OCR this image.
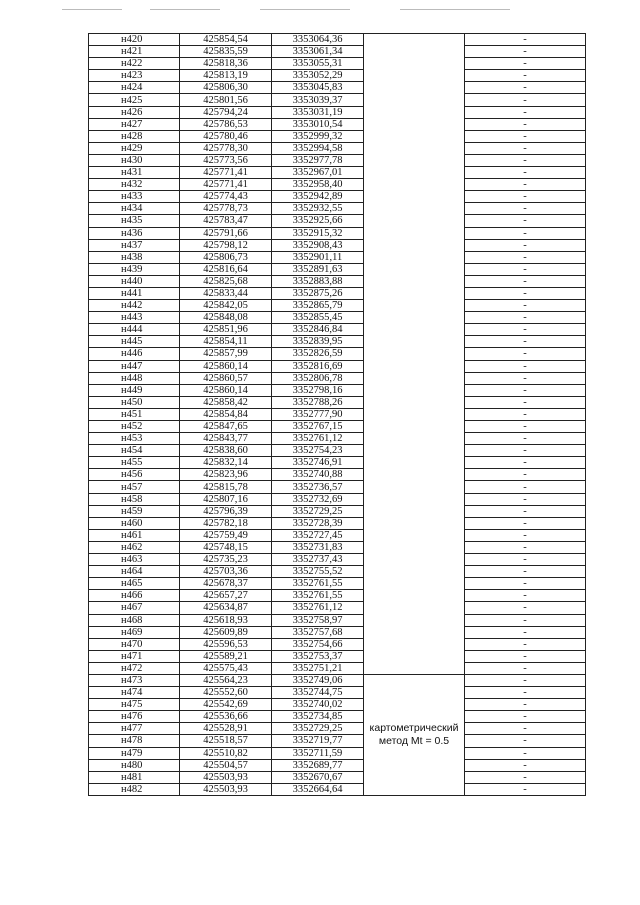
н420	425854,54	3353064,36		-
н421	425835,59	3353061,34		-
н422	425818,36	3353055,31		-
н423	425813,19	3353052,29		-
н424	425806,30	3353045,83		-
н425	425801,56	3353039,37		-
н426	425794,24	3353031,19		-
н427	425786,53	3353010,54		-
н428	425780,46	3352999,32		-
н429	425778,30	3352994,58		-
н430	425773,56	3352977,78		-
н431	425771,41	3352967,01		-
н432	425771,41	3352958,40		-
н433	425774,43	3352942,89		-
н434	425778,73	3352932,55		-
н435	425783,47	3352925,66		-
н436	425791,66	3352915,32		-
н437	425798,12	3352908,43		-
н438	425806,73	3352901,11		-
н439	425816,64	3352891,63		-
н440	425825,68	3352883,88		-
н441	425833,44	3352875,26		-
н442	425842,05	3352865,79		-
н443	425848,08	3352855,45		-
н444	425851,96	3352846,84		-
н445	425854,11	3352839,95		-
н446	425857,99	3352826,59		-
н447	425860,14	3352816,69		-
н448	425860,57	3352806,78		-
н449	425860,14	3352798,16		-
н450	425858,42	3352788,26		-
н451	425854,84	3352777,90		-
н452	425847,65	3352767,15		-
н453	425843,77	3352761,12		-
н454	425838,60	3352754,23		-
н455	425832,14	3352746,91		-
н456	425823,96	3352740,88		-
н457	425815,78	3352736,57		-
н458	425807,16	3352732,69		-
н459	425796,39	3352729,25		-
н460	425782,18	3352728,39		-
н461	425759,49	3352727,45		-
н462	425748,15	3352731,83		-
н463	425735,23	3352737,43		-
н464	425703,36	3352755,52		-
н465	425678,37	3352761,55		-
н466	425657,27	3352761,55		-
н467	425634,87	3352761,12		-
н468	425618,93	3352758,97		-
н469	425609,89	3352757,68		-
н470	425596,53	3352754,66		-
н471	425589,21	3352753,37		-
н472	425575,43	3352751,21		-
н473	425564,23	3352749,06	картометрический
метод Mt = 0.5	-
н474	425552,60	3352744,75		-
н475	425542,69	3352740,02		-
н476	425536,66	3352734,85		-
н477	425528,91	3352729,25		-
н478	425518,57	3352719,77		-
н479	425510,82	3352711,59		-
н480	425504,57	3352689,77		-
н481	425503,93	3352670,67		-
н482	425503,93	3352664,64		-
